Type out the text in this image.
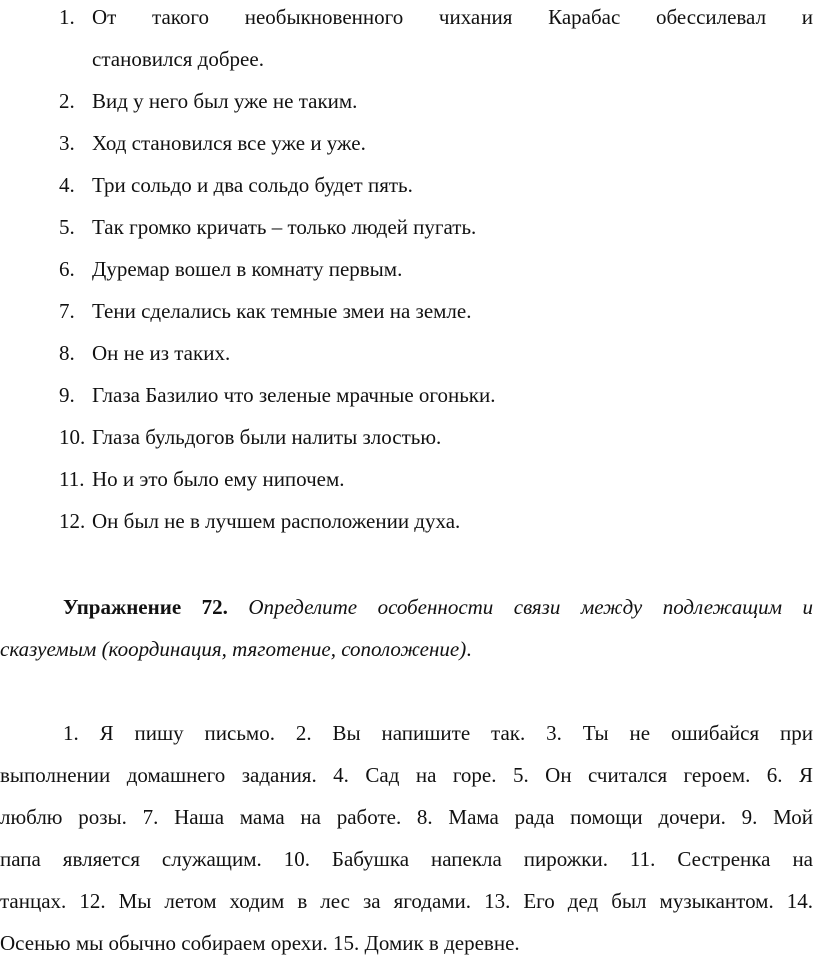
1. От такого необыкновенного чихания Карабас обессилевал и
становился добрее.
2. Вид у него был уже не таким.
3. Ход становился все уже и уже.
4. Три сольдо и два сольдо будет пять.
5. Так громко кричать – только людей пугать.
6. Дуремар вошел в комнату первым.
7. Тени сделались как темные змеи на земле.
8. Он не из таких.
9. Глаза Базилио что зеленые мрачные огоньки.
10. Глаза бульдогов были налиты злостью.
11. Но и это было ему нипочем.
12. Он был не в лучшем расположении духа.
Упражнение 72. Определите особенности связи между подлежащим и
сказуемым (координация, тяготение, соположение).
1. Я пишу письмо. 2. Вы напишите так. 3. Ты не ошибайся при
выполнении домашнего задания. 4. Сад на горе. 5. Он считался героем. 6. Я
люблю розы. 7. Наша мама на работе. 8. Мама рада помощи дочери. 9. Мой
папа является служащим. 10. Бабушка напекла пирожки. 11. Сестренка на
танцах. 12. Мы летом ходим в лес за ягодами. 13. Его дед был музыкантом. 14.
Осенью мы обычно собираем орехи. 15. Домик в деревне.
